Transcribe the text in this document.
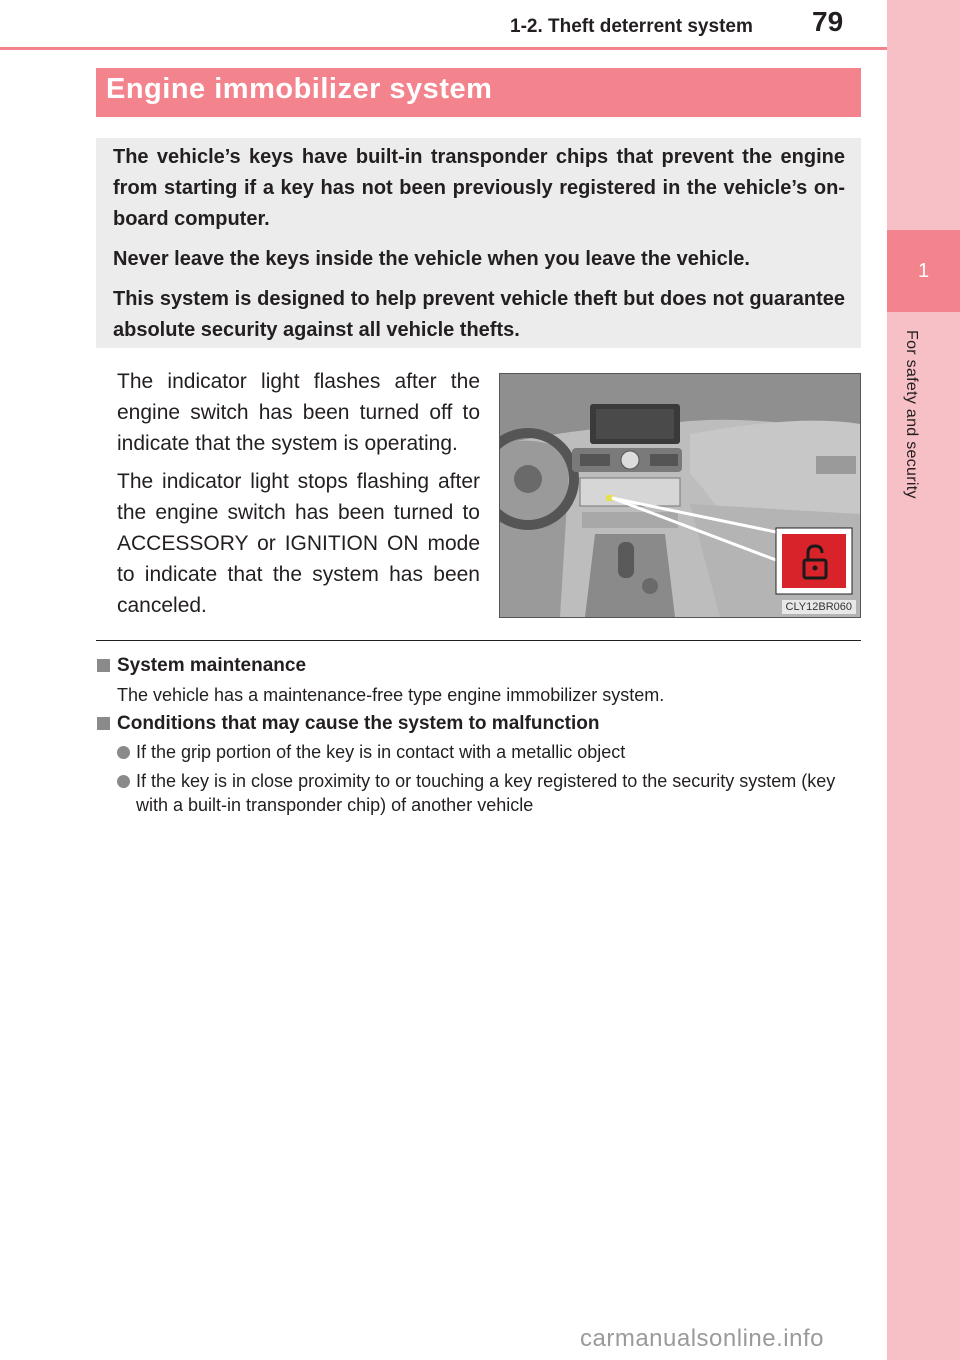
1
For safety and security
1-2. Theft deterrent system 79
Engine immobilizer system

The vehicle’s keys have built-in transponder chips that prevent the engine from starting if a key has not been previously registered in the vehicle’s on-board computer.

Never leave the keys inside the vehicle when you leave the vehicle.

This system is designed to help prevent vehicle theft but does not guarantee absolute security against all vehicle thefts.

The indicator light flashes after the engine switch has been turned off to indicate that the system is operating.

The indicator light stops flashing after the engine switch has been turned to ACCESSORY or IGNITION ON mode to indicate that the system has been canceled.	CLY12BR060
System maintenance
The vehicle has a maintenance-free type engine immobilizer system.
Conditions that may cause the system to malfunction
If the grip portion of the key is in contact with a metallic object
If the key is in close proximity to or touching a key registered to the security system (key with a built-in transponder chip) of another vehicle
carmanualsonline.info
